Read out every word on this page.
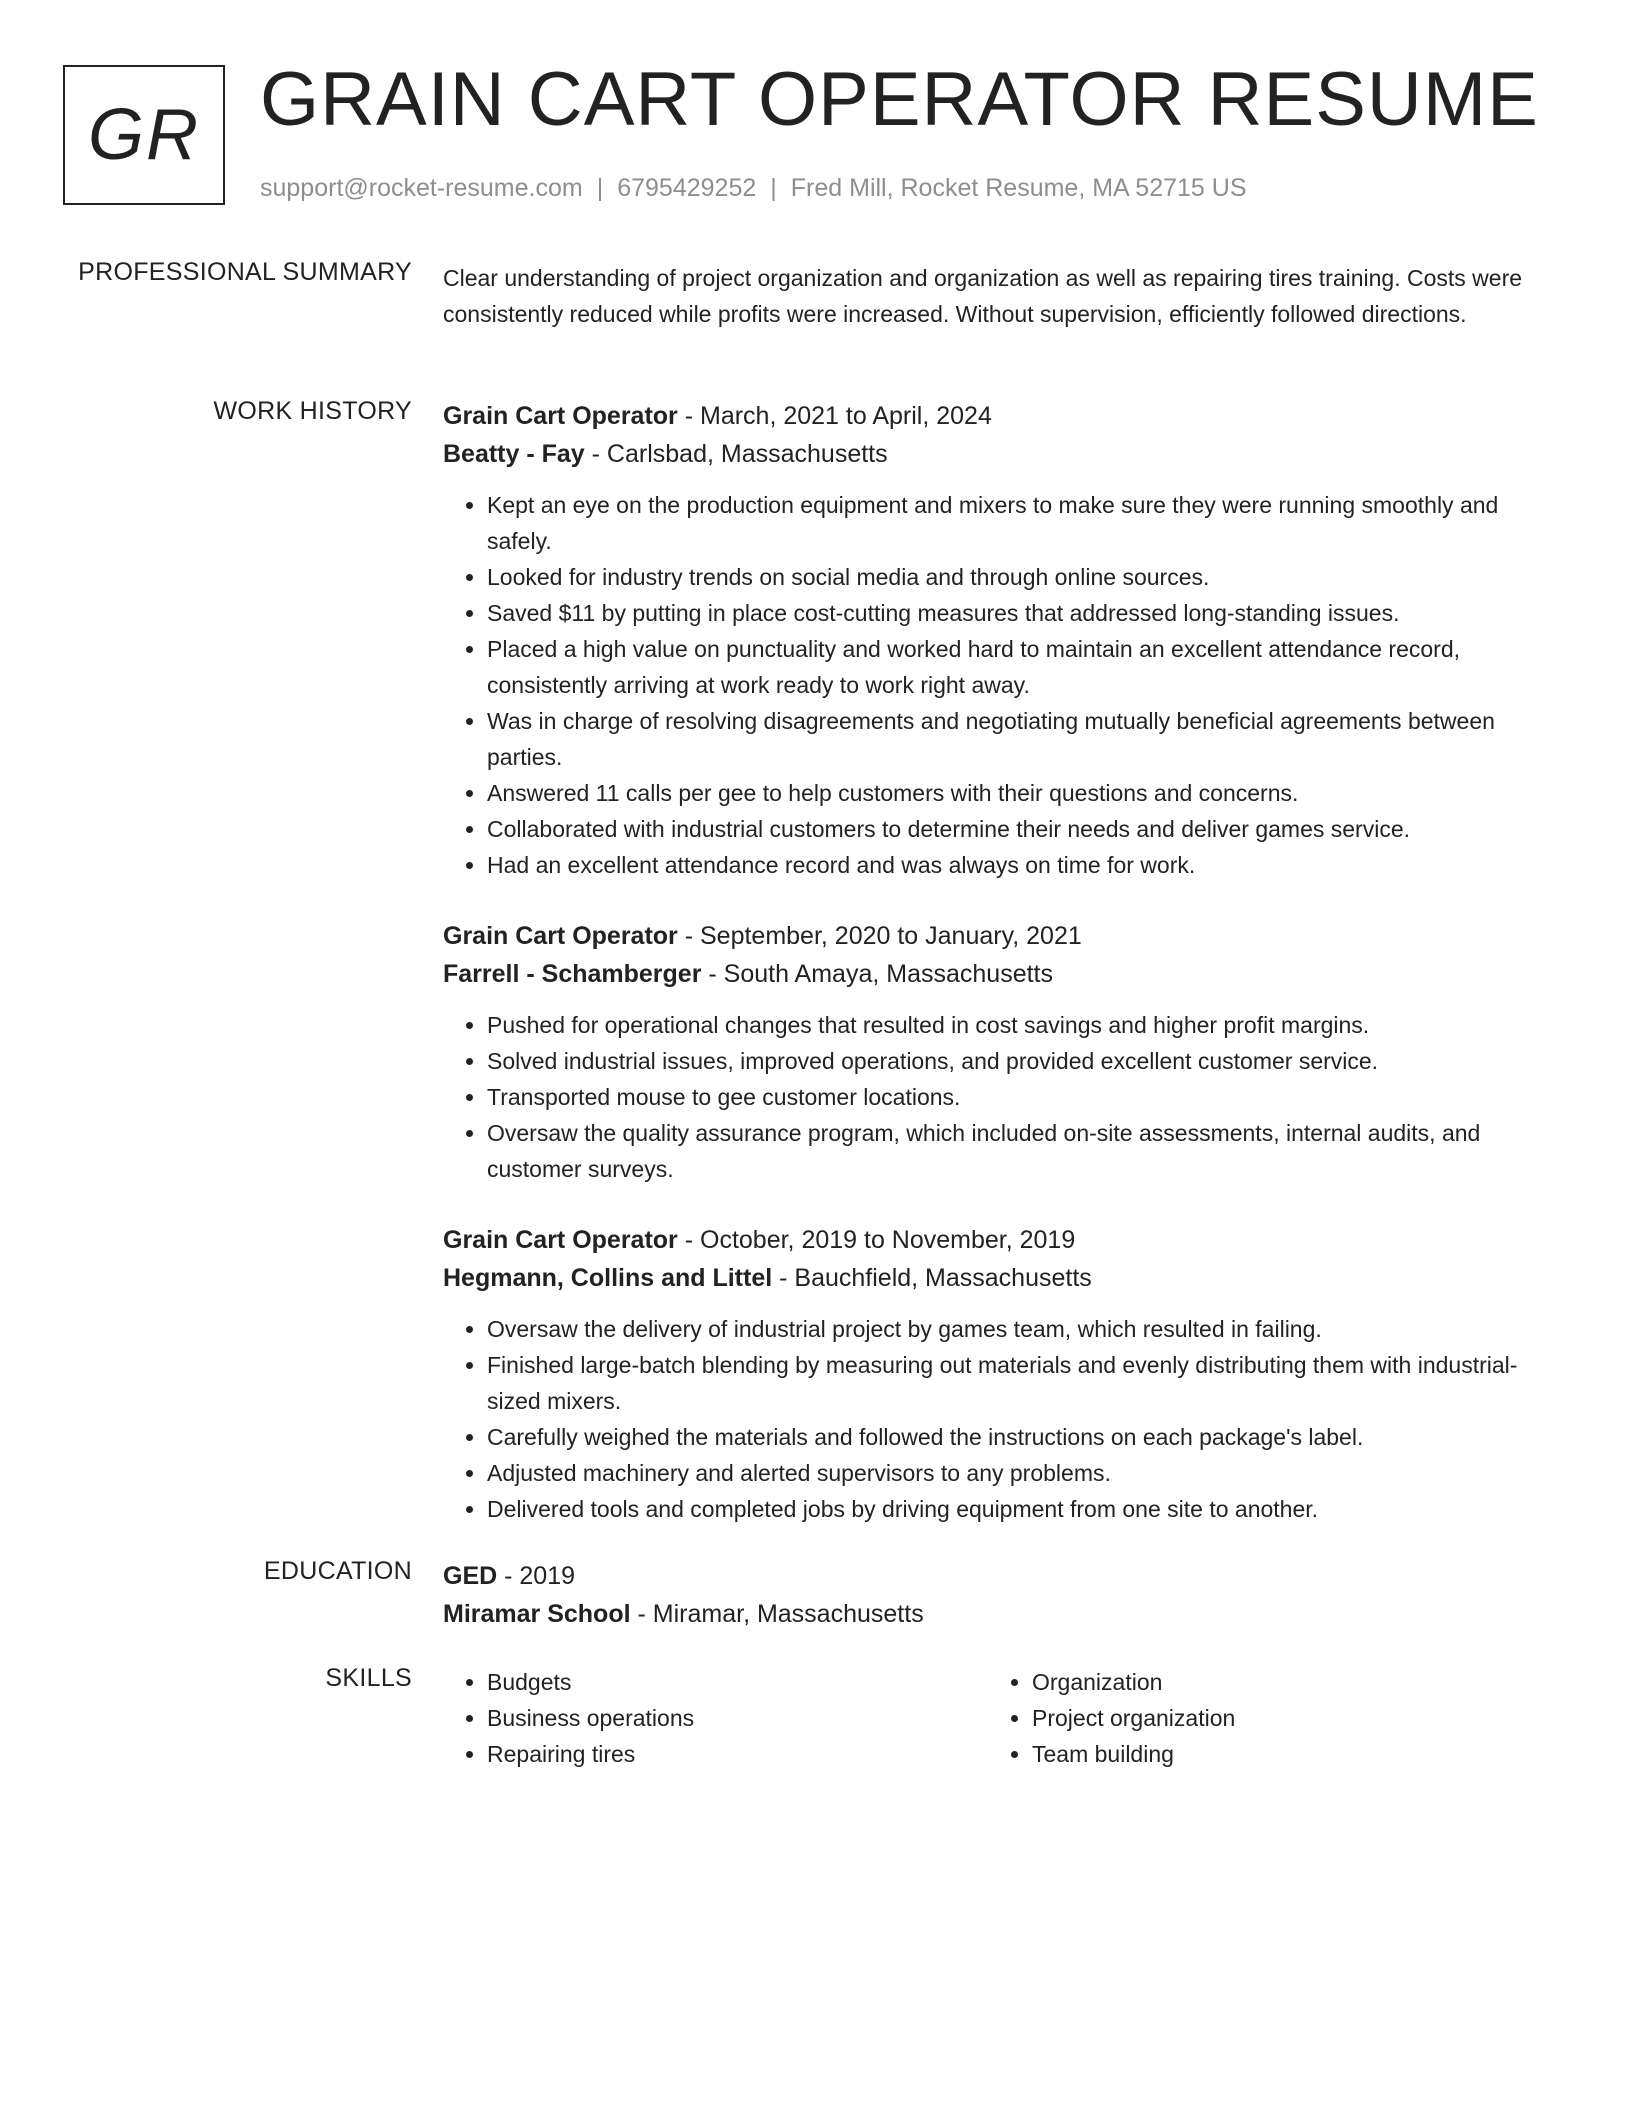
GR GRAIN CART OPERATOR RESUME
support@rocket-resume.com | 6795429252 | Fred Mill, Rocket Resume, MA 52715 US
PROFESSIONAL SUMMARY Clear understanding of project organization and organization as well as repairing tires training. Costs were consistently reduced while profits were increased. Without supervision, efficiently followed directions.

WORK HISTORY Grain Cart Operator - March, 2021 to April, 2024
Beatty - Fay - Carlsbad, Massachusetts
• Kept an eye on the production equipment and mixers to make sure they were running smoothly and safely.
• Looked for industry trends on social media and through online sources.
• Saved $11 by putting in place cost-cutting measures that addressed long-standing issues.
• Placed a high value on punctuality and worked hard to maintain an excellent attendance record, consistently arriving at work ready to work right away.
• Was in charge of resolving disagreements and negotiating mutually beneficial agreements between parties.
• Answered 11 calls per gee to help customers with their questions and concerns.
• Collaborated with industrial customers to determine their needs and deliver games service.
• Had an excellent attendance record and was always on time for work.
Grain Cart Operator - September, 2020 to January, 2021
Farrell - Schamberger - South Amaya, Massachusetts
• Pushed for operational changes that resulted in cost savings and higher profit margins.
• Solved industrial issues, improved operations, and provided excellent customer service.
• Transported mouse to gee customer locations.
• Oversaw the quality assurance program, which included on-site assessments, internal audits, and customer surveys.
Grain Cart Operator - October, 2019 to November, 2019
Hegmann, Collins and Littel - Bauchfield, Massachusetts
• Oversaw the delivery of industrial project by games team, which resulted in failing.
• Finished large-batch blending by measuring out materials and evenly distributing them with industrial-sized mixers.
• Carefully weighed the materials and followed the instructions on each package's label.
• Adjusted machinery and alerted supervisors to any problems.
• Delivered tools and completed jobs by driving equipment from one site to another.
EDUCATION GED - 2019
Miramar School - Miramar, Massachusetts
SKILLS
•	Budgets
• Business operations
• Repairing tires
• Organization
• Project organization
• Team building
